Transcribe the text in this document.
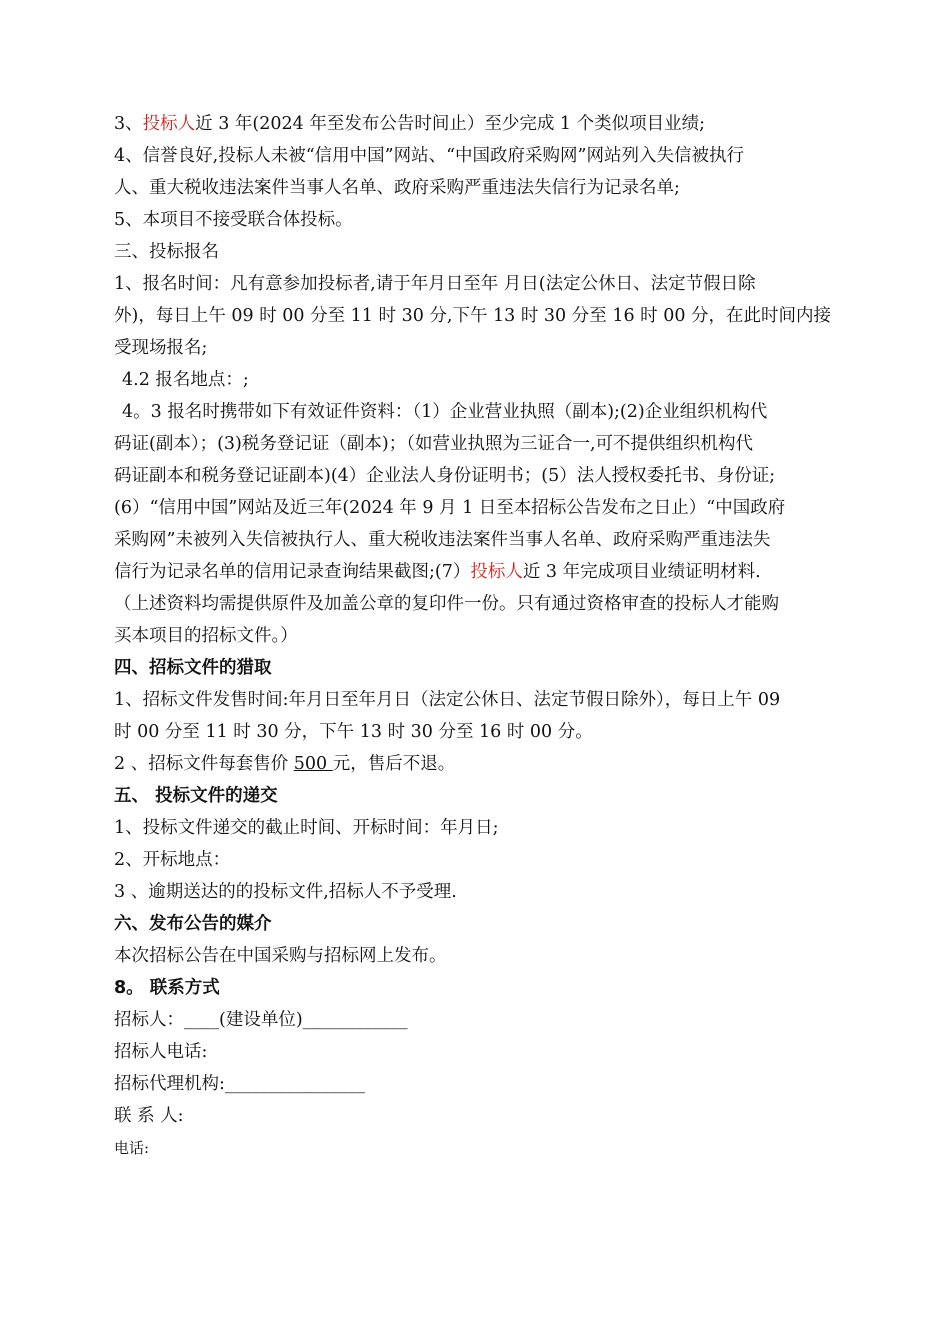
3、投标人近 3 年(2024 年至发布公告时间止）至少完成 1 个类似项目业绩;
4、信誉良好,投标人未被“信用中国”网站、“中国政府采购网”网站列入失信被执行
人、重大税收违法案件当事人名单、政府采购严重违法失信行为记录名单;
5、本项目不接受联合体投标。
三、投标报名
1、报名时间：凡有意参加投标者,请于年月日至年 月日(法定公休日、法定节假日除
外)，每日上午 09 时 00 分至 11 时 30 分,下午 13 时 30 分至 16 时 00 分，在此时间内接
受现场报名;
4.2 报名地点：;
4。3 报名时携带如下有效证件资料：（1）企业营业执照（副本);(2)企业组织机构代
码证(副本）；(3)税务登记证（副本)；（如营业执照为三证合一,可不提供组织机构代
码证副本和税务登记证副本)(4）企业法人身份证明书；(5）法人授权委托书、身份证;
(6）“信用中国”网站及近三年(2024 年 9 月 1 日至本招标公告发布之日止）“中国政府
采购网”未被列入失信被执行人、重大税收违法案件当事人名单、政府采购严重违法失
信行为记录名单的信用记录查询结果截图;(7）投标人近 3 年完成项目业绩证明材料.
（上述资料均需提供原件及加盖公章的复印件一份。只有通过资格审查的投标人才能购
买本项目的招标文件。）
四、招标文件的猎取
1、招标文件发售时间:年月日至年月日（法定公休日、法定节假日除外），每日上午 09
时 00 分至 11 时 30 分，下午 13 时 30 分至 16 时 00 分。
2 、招标文件每套售价 500 元，售后不退。
五、 投标文件的递交
1、投标文件递交的截止时间、开标时间：年月日;
2、开标地点：
3 、逾期送达的的投标文件,招标人不予受理.
六、发布公告的媒介
本次招标公告在中国采购与招标网上发布。
8。 联系方式
招标人：____(建设单位)____________
招标人电话:
招标代理机构:________________
联 系 人:
电话:
